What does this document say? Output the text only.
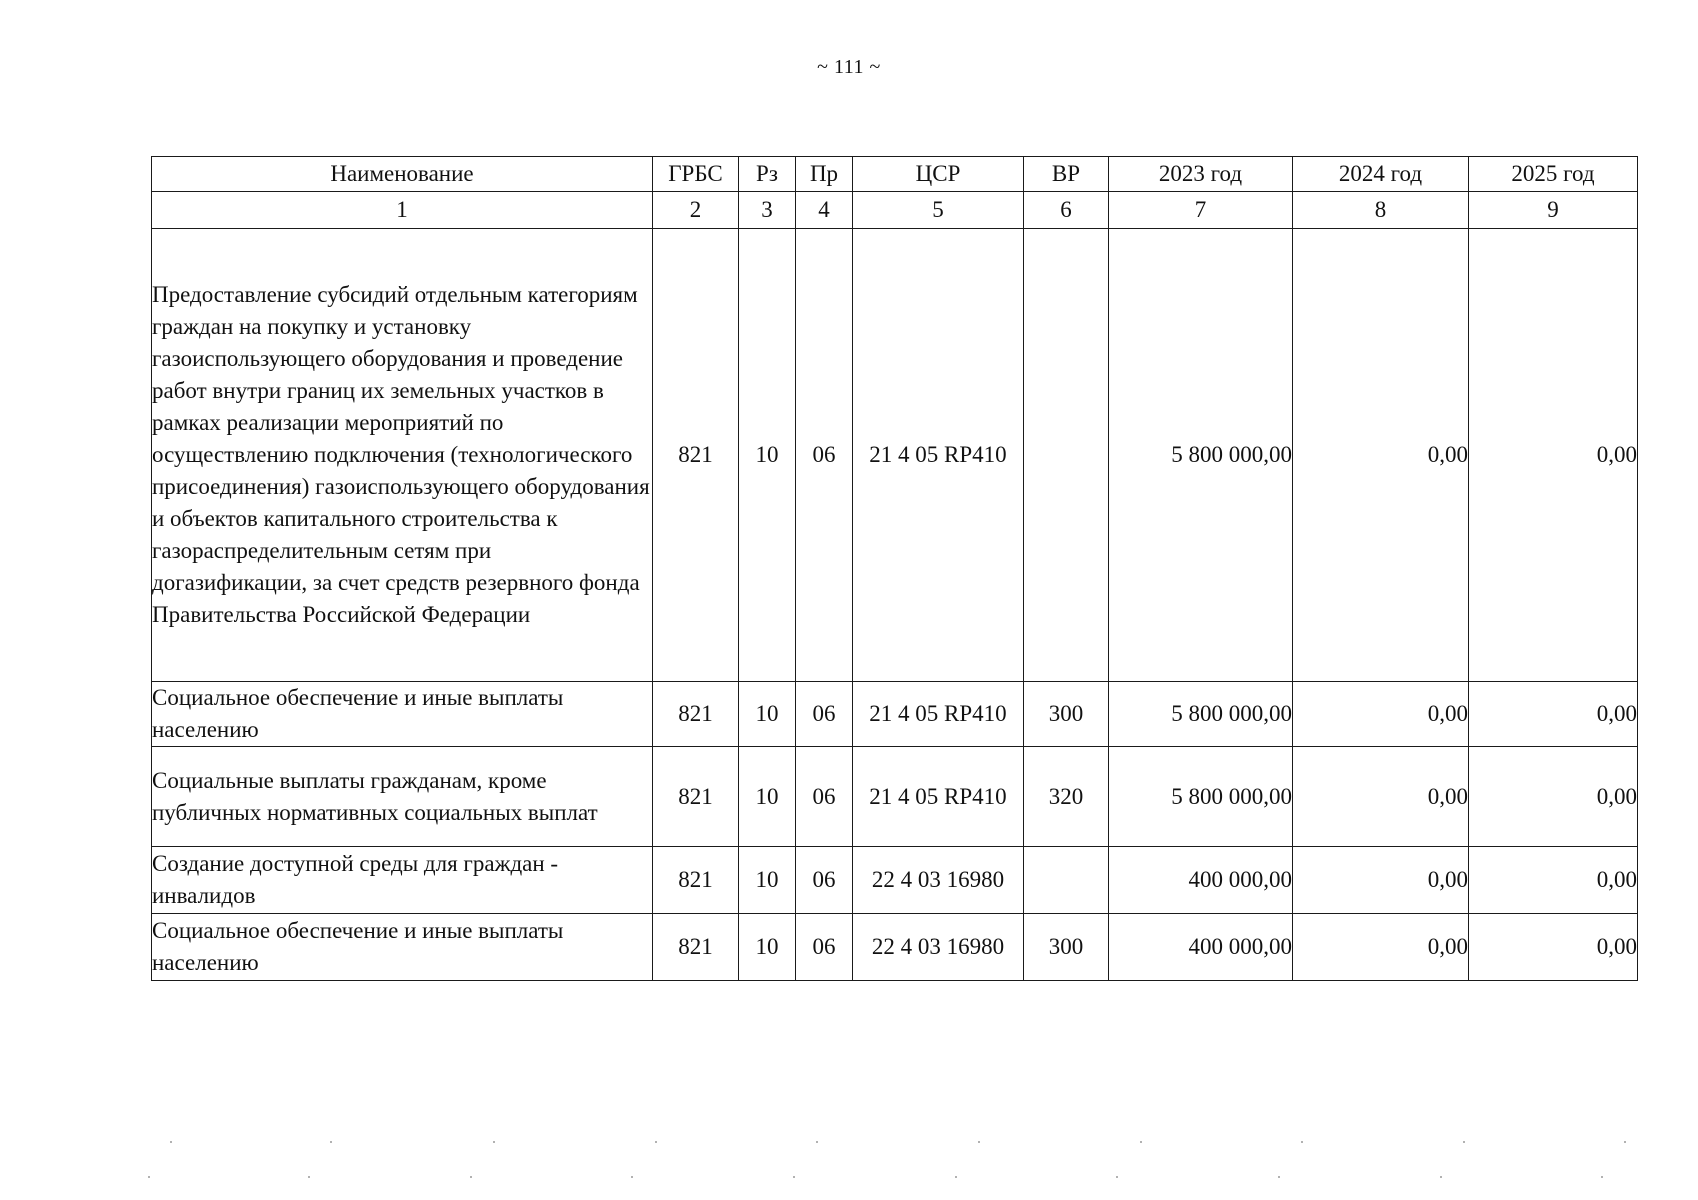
~ 111 ~
Наименование	ГРБС	Рз	Пр	ЦСР	ВР	2023 год	2024 год	2025 год
1	2	3	4	5	6	7	8	9
Предоставление субсидий отдельным категориям граждан на покупку и установку газоиспользующего оборудования и проведение работ внутри границ их земельных участков в рамках реализации мероприятий по осуществлению подключения (технологического присоединения) газоиспользующего оборудования и объектов капитального строительства к газораспределительным сетям при догазификации, за счет средств резервного фонда Правительства Российской Федерации	821	10	06	21 4 05 RP410		5 800 000,00	0,00	0,00
Социальное обеспечение и иные выплаты населению	821	10	06	21 4 05 RP410	300	5 800 000,00	0,00	0,00
Социальные выплаты гражданам, кроме публичных нормативных социальных выплат	821	10	06	21 4 05 RP410	320	5 800 000,00	0,00	0,00
Создание доступной среды для граждан - инвалидов	821	10	06	22 4 03 16980		400 000,00	0,00	0,00
Социальное обеспечение и иные выплаты населению	821	10	06	22 4 03 16980	300	400 000,00	0,00	0,00
